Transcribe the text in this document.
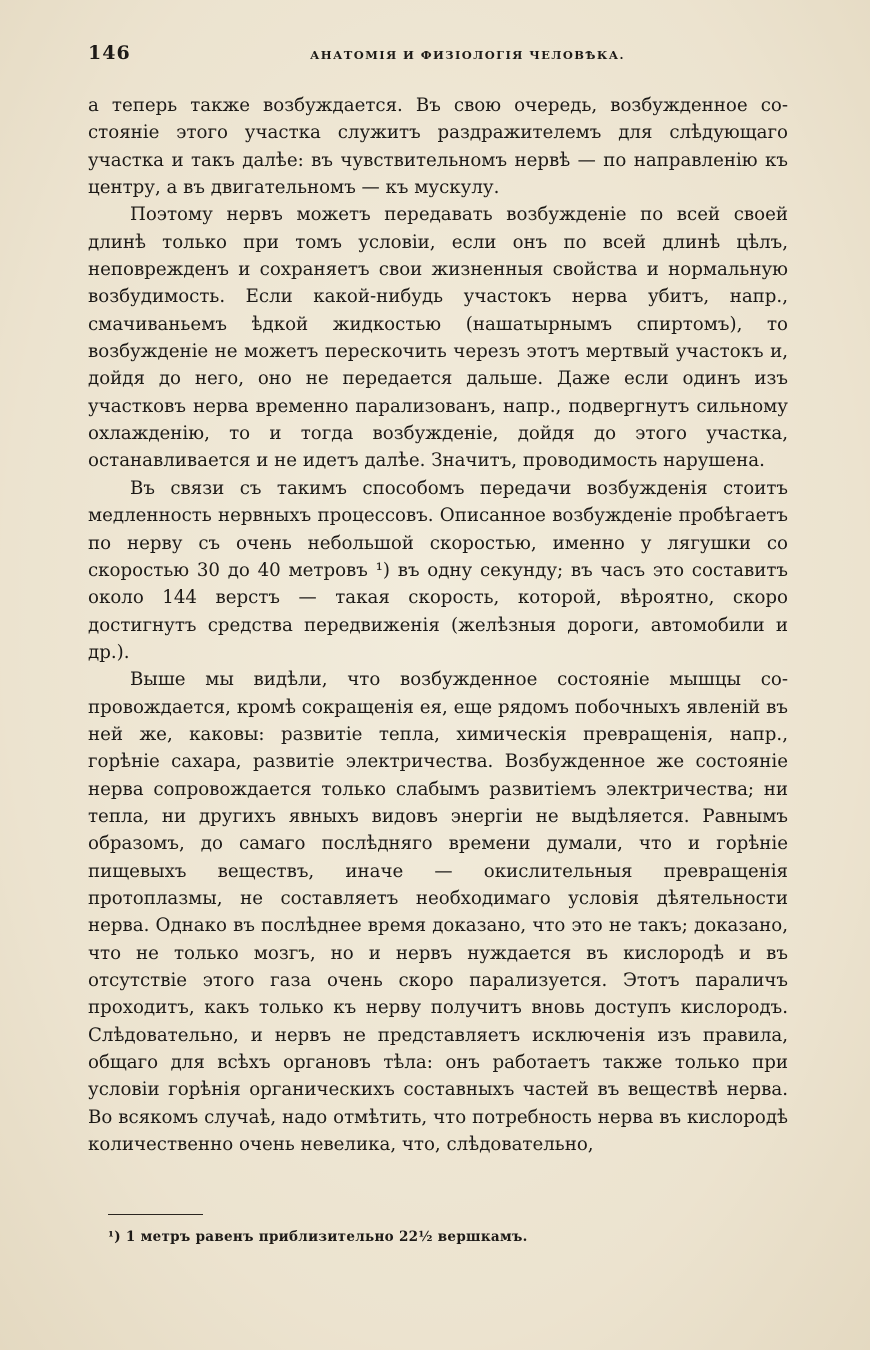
146	АНАТОМІЯ И ФИЗІОЛОГІЯ ЧЕЛОВѢКА.

а теперь также возбуждается. Въ свою очередь, возбужденное состояніе этого участка служитъ раздражителемъ для слѣдующаго участка и такъ далѣе: въ чувствительномъ нервѣ — по направленію къ центру, а въ двигательномъ — къ мускулу.

Поэтому нервъ можетъ передавать возбужденіе по всей своей длинѣ только при томъ условіи, если онъ по всей длинѣ цѣлъ, неповрежденъ и сохраняетъ свои жизненныя свойства и нормальную возбудимость. Если какой-нибудь участокъ нерва убитъ, напр., смачиваньемъ ѣдкой жидкостью (нашатырнымъ спиртомъ), то возбужденіе не можетъ перескочить черезъ этотъ мертвый участокъ и, дойдя до него, оно не передается дальше. Даже если одинъ изъ участковъ нерва временно парализованъ, напр., подвергнутъ сильному охлажденію, то и тогда возбужденіе, дойдя до этого участка, останавливается и не идетъ далѣе. Значитъ, проводимость нарушена.

Въ связи съ такимъ способомъ передачи возбужденія стоитъ медленность нервныхъ процессовъ. Описанное возбужденіе пробѣгаетъ по нерву съ очень небольшой скоростью, именно у лягушки со скоростью 30 до 40 метровъ ¹) въ одну секунду; въ часъ это составитъ около 144 верстъ — такая скорость, которой, вѣроятно, скоро достигнутъ средства передвиженія (желѣзныя дороги, автомобили и др.).

Выше мы видѣли, что возбужденное состояніе мышцы сопровождается, кромѣ сокращенія ея, еще рядомъ побочныхъ явленій въ ней же, каковы: развитіе тепла, химическія превращенія, напр., горѣніе сахара, развитіе электричества. Возбужденное же состояніе нерва сопровождается только слабымъ развитіемъ электричества; ни тепла, ни другихъ явныхъ видовъ энергіи не выдѣляется. Равнымъ образомъ, до самаго послѣдняго времени думали, что и горѣніе пищевыхъ веществъ, иначе — окислительныя превращенія протоплазмы, не составляетъ необходимаго условія дѣятельности нерва. Однако въ послѣднее время доказано, что это не такъ; доказано, что не только мозгъ, но и нервъ нуждается въ кислородѣ и въ отсутствіе этого газа очень скоро парализуется. Этотъ параличъ проходитъ, какъ только къ нерву получитъ вновь доступъ кислородъ. Слѣдовательно, и нервъ не представляетъ исключенія изъ правила, общаго для всѣхъ органовъ тѣла: онъ работаетъ также только при условіи горѣнія органическихъ составныхъ частей въ веществѣ нерва. Во всякомъ случаѣ, надо отмѣтить, что потребность нерва въ кислородѣ количественно очень невелика, что, слѣдовательно,

¹) 1 метръ равенъ приблизительно 22½ вершкамъ.
